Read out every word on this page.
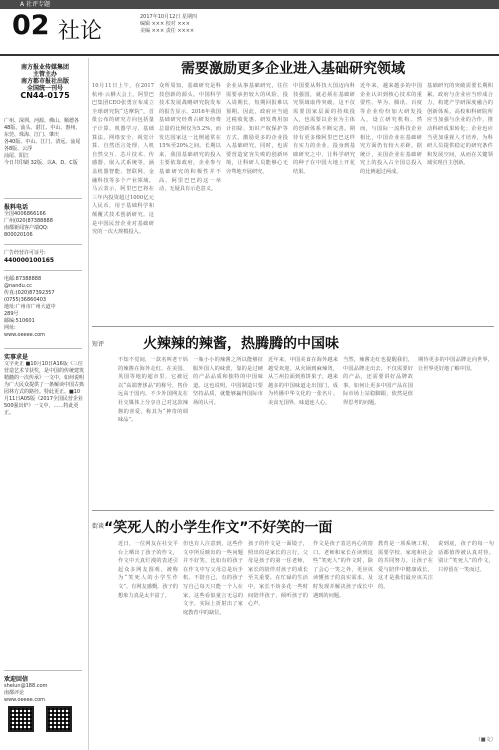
A 社评专题
02 社论
2017年10月12日 星期四
编辑 ××× 校对 ×××
美编 ××× 责任 ××××
南方报业传媒集团
主管主办
南方都市报社出版
全国统一刊号
CN44-0175
广州、深圳、河源、佛山、顺德各48版、汕头、湛江、中山、惠州、东莞、珠海、江门、肇庆
各40版、中山、江门、清远、汕尾
各8版、云浮
汕尾、阳江
今日共印刷 32版、以A、D、C版
报料电话
全国4006866166
广州(020)87388888
南都新闻客户端QQ:
800020106
广告经营许可证号:
440000100165
电邮:87388888
@nandu.cc
传真:(020)87392357
(0755)36860403
地址:广州市广州大道中
289号
邮编:510601
网址:
www.oeeee.com
实事求是
文字更正 ■10月10日A16版《三位营造艺术节获奖，是中国的传统建筑精髓的一次传承》一文中，如何说明为广大民众提供了一条解读中国古典园林方式的路径。特此更正。■10月11日A05版《2017全国民营企业500强出炉》一文中，……特此更正。
欢迎回信
shelun@188.com
南都评论
www.oeeee.com
需要激励更多企业进入基础研究领域
10月11日上午，在2017杭州·云栖大会上，阿里巴巴集团CEO张勇宣布成立全球研究院“达摩院”，首批公布的研究方向包括量子计算、机器学习、基础算法、网络安全、视觉计算、自然语言处理、人机自然交互、芯片技术、传感器、嵌入式系统等，涵盖机器智能、智联网、金融科技等多个产业领域。马云表示，阿里巴巴将在三年内投资超过1000亿元人民币，用于基础科学和颠覆式技术创新研究。这是中国民营企业对基础研究的一次大规模投入。
众所周知，基础研究是科技创新的源头。中国科学技术发展战略研究院发布的报告显示，2016年我国基础研究经费占研发经费总量的比例仅为5.2%，而发达国家这一比例通常在15%至20%之间。长期以来，我国基础研究的投入主要依靠政府，企业参与基础研究的积极性并不高。阿里巴巴的这一举动，无疑具有示范意义。
企业从事基础研究，往往需要承担较大的风险，投入周期长，短期回报难以预期。因此，政府应当通过税收优惠、研发费用加计扣除、知识产权保护等方式，激励更多的企业投入基础研究。同时，也需要营造宽容失败的创新环境，让科研人员能够心无旁骛地开展研究。
中国要从科技大国迈向科技强国，就必须在基础研究领域取得突破。这不仅需要国家层面的持续投入，也需要以企业为主体的创新体系不断完善。期待有更多像阿里巴巴这样有实力的企业，投身到基础研究之中，让科学研究的种子在中国大地上开花结果。
近年来，越来越多的中国企业认识到核心技术的重要性。华为、腾讯、百度等企业纷纷加大研发投入，设立研究机构。然而，与国际一流科技企业相比，中国企业在基础研究方面仍有较大差距。据统计，美国企业在基础研究上的投入占全国总投入的比例超过两成。
基础研究的突破需要长期积累。政府与企业应当形成合力，构建产学研深度融合的创新体系。高校和科研院所应当加强与企业的合作，推动科研成果转化；企业也应当更加重视人才培养，为科研人员提供稳定的研究条件和发展空间，从而在关键领域实现自主创新。
短评	火辣辣的辣酱，热腾腾的中国味
不知不觉间，一款名叫老干妈的辣酱在海外走红。在美国、英国等地的超市里，它被冠以“高端奢侈品”的称号，售价远高于国内。不少外国网友在社交媒体上分享自己对这款辣酱的喜爱，称其为“神奇的调味品”。
一瓶小小的辣酱之所以能够征服外国人的味蕾，靠的是过硬的产品品质和独特的中国味道。这也说明，中国制造只要坚持品质，就能够赢得国际市场的认可。
近年来，中国美食在海外越来越受欢迎。从火锅到麻辣烫，从兰州拉面到煎饼果子，越来越多的中国味道走出国门，成为传播中华文化的一张名片。美食无国界，味道连人心。
当然，辣酱走红也提醒我们，中国品牌走出去，不仅需要好的产品，还需要讲好品牌故事。如何让更多中国产品在国际市场上站稳脚跟，依然是值得思考的问题。
期待更多的中国品牌走向世界，让世界更好地了解中国。
街谈 “笑死人的小学生作文”不好笑的一面
近日，一位网友在社交平台上晒出了孩子的作文，作文中天真烂漫的表述引起众多网友围观，被称为“笑死人的小学生作文”。有网友感慨，孩子的想象力真是太丰富了。
但也有人注意到，这些作文中所反映出的一些问题并不好笑。比如有的孩子在作文中写父母总是玩手机、不陪自己，有的孩子写自己每天只能一个人在家。这些看似童言无忌的文字，实际上折射出了家庭教育中的缺位。
孩子的作文是一面镜子，照出的是家长的言行。父母是孩子的第一任老师，家长的陪伴对孩子的成长至关重要。在忙碌的生活中，家长不妨多花一些时间陪伴孩子，倾听孩子的心声。
作文是孩子表达内心的窗口。老师和家长在读到这些“笑死人”的作文时，除了会心一笑之外，更应该读懂孩子的真实需求，及时发现并解决孩子成长中遇到的问题。
教育是一项系统工程，需要学校、家庭和社会的共同努力。让孩子在爱与陪伴中健康成长，这才是我们最应该关注的。
说到底，孩子的每一句话都值得被认真对待。别让“笑死人”的作文，只停留在一笑而过。
（■文）
